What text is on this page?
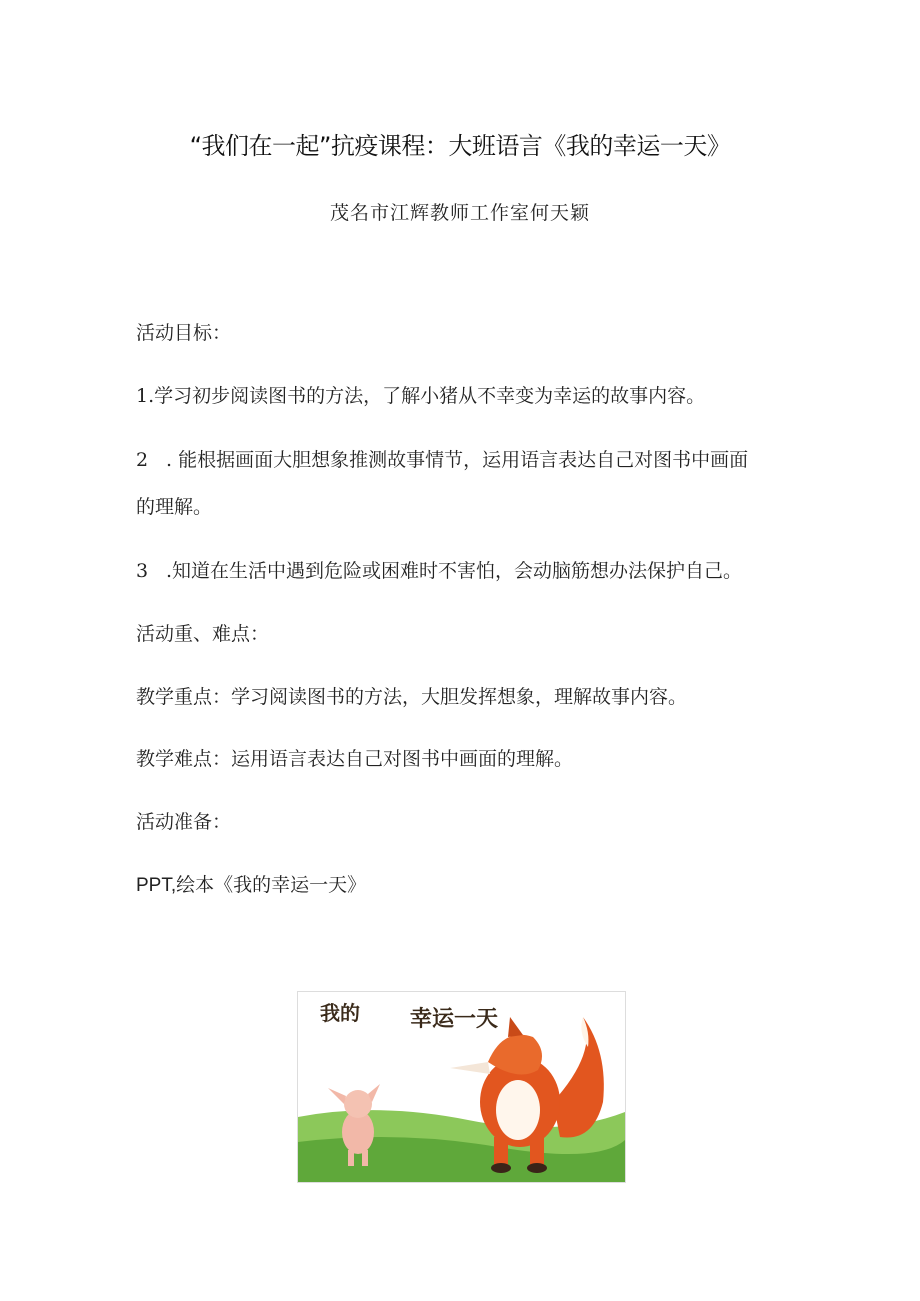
“我们在一起”抗疫课程：大班语言《我的幸运一天》
茂名市江辉教师工作室何天颖
活动目标：
1.学习初步阅读图书的方法，了解小猪从不幸变为幸运的故事内容。
2 . 能根据画面大胆想象推测故事情节，运用语言表达自己对图书中画面
的理解。
3 .知道在生活中遇到危险或困难时不害怕，会动脑筋想办法保护自己。
活动重、难点：
教学重点：学习阅读图书的方法，大胆发挥想象，理解故事内容。
教学难点：运用语言表达自己对图书中画面的理解。
活动准备：
PPT,绘本《我的幸运一天》
我的 幸运一天
